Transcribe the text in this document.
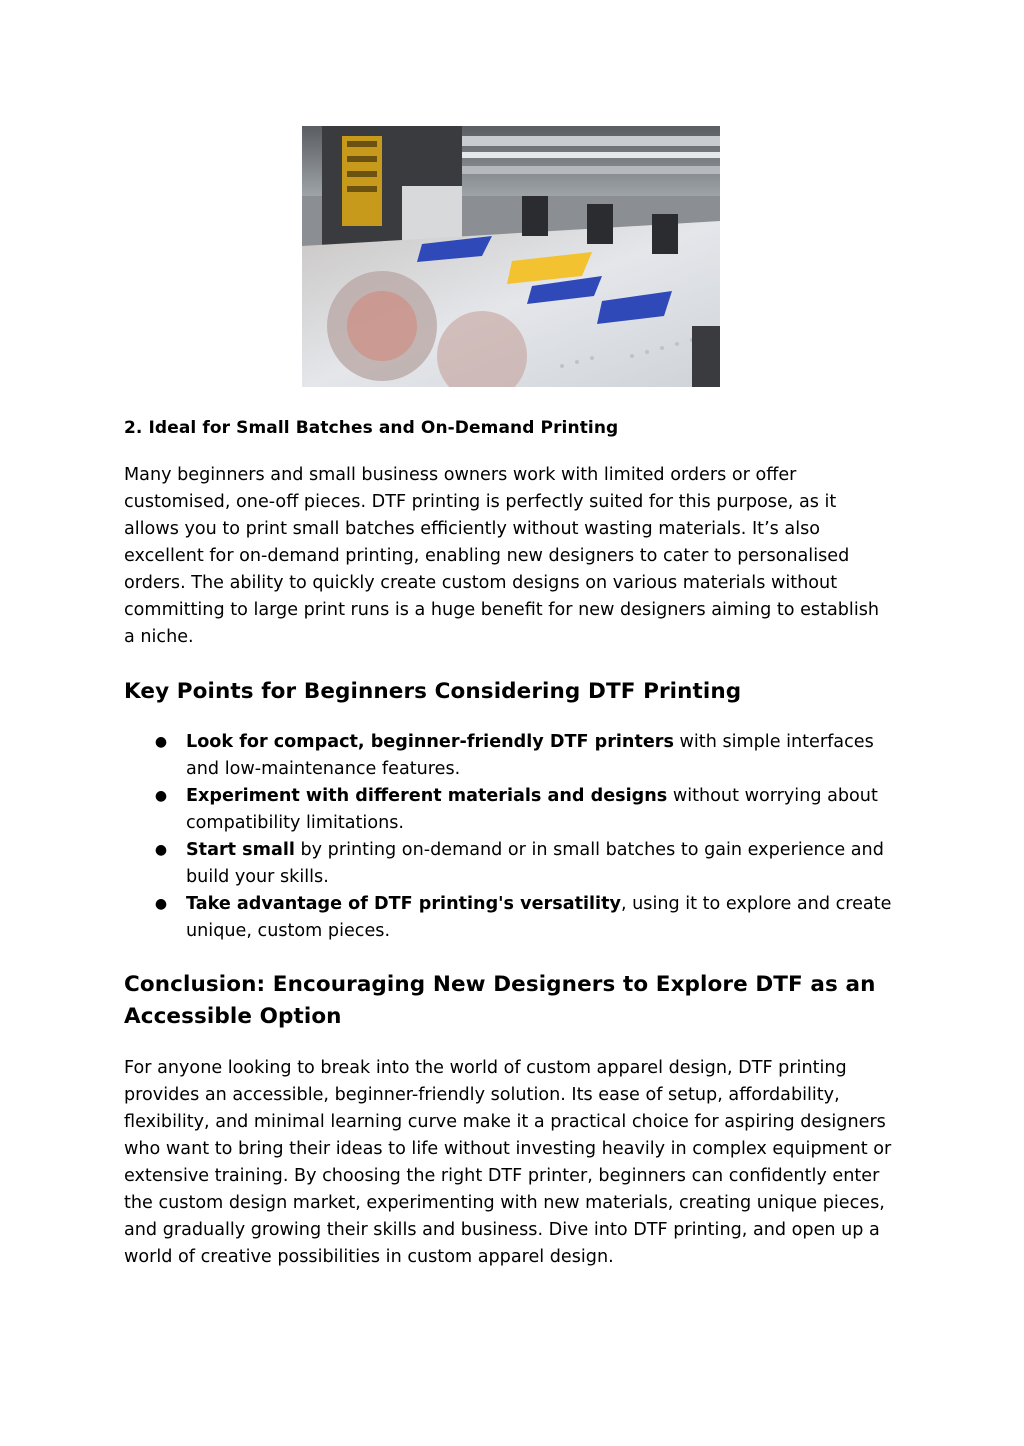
2. Ideal for Small Batches and On-Demand Printing

Many beginners and small business owners work with limited orders or offer customised, one-off pieces. DTF printing is perfectly suited for this purpose, as it allows you to print small batches efficiently without wasting materials. It’s also excellent for on-demand printing, enabling new designers to cater to personalised orders. The ability to quickly create custom designs on various materials without committing to large print runs is a huge benefit for new designers aiming to establish a niche.

Key Points for Beginners Considering DTF Printing
● Look for compact, beginner-friendly DTF printers with simple interfaces and low-maintenance features.
● Experiment with different materials and designs without worrying about compatibility limitations.
● Start small by printing on-demand or in small batches to gain experience and build your skills.
● Take advantage of DTF printing's versatility, using it to explore and create unique, custom pieces.
Conclusion: Encouraging New Designers to Explore DTF as an Accessible Option

For anyone looking to break into the world of custom apparel design, DTF printing provides an accessible, beginner-friendly solution. Its ease of setup, affordability, flexibility, and minimal learning curve make it a practical choice for aspiring designers who want to bring their ideas to life without investing heavily in complex equipment or extensive training. By choosing the right DTF printer, beginners can confidently enter the custom design market, experimenting with new materials, creating unique pieces, and gradually growing their skills and business. Dive into DTF printing, and open up a world of creative possibilities in custom apparel design.
